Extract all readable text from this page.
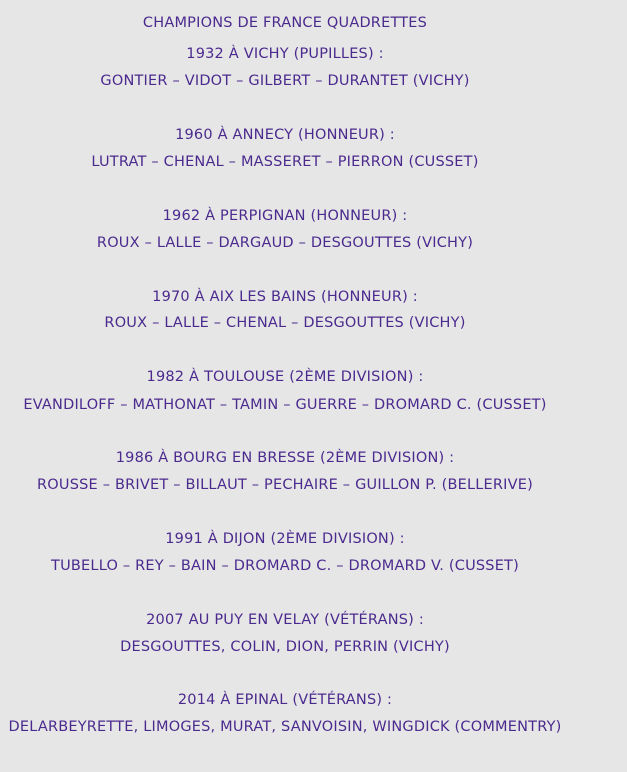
CHAMPIONS DE FRANCE QUADRETTES
1932 À VICHY (PUPILLES) :
GONTIER – VIDOT – GILBERT – DURANTET (VICHY)
1960 À ANNECY (HONNEUR) :
LUTRAT – CHENAL – MASSERET – PIERRON (CUSSET)
1962 À PERPIGNAN (HONNEUR) :
ROUX – LALLE – DARGAUD – DESGOUTTES (VICHY)
1970 À AIX LES BAINS (HONNEUR) :
ROUX – LALLE – CHENAL – DESGOUTTES (VICHY)
1982 À TOULOUSE (2ÈME DIVISION) :
EVANDILOFF – MATHONAT – TAMIN – GUERRE – DROMARD C. (CUSSET)
1986 À BOURG EN BRESSE (2ÈME DIVISION) :
ROUSSE – BRIVET – BILLAUT – PECHAIRE – GUILLON P. (BELLERIVE)
1991 À DIJON (2ÈME DIVISION) :
TUBELLO – REY – BAIN – DROMARD C. – DROMARD V. (CUSSET)
2007 AU PUY EN VELAY (VÉTÉRANS) :
DESGOUTTES, COLIN, DION, PERRIN (VICHY)
2014 À EPINAL (VÉTÉRANS) :
DELARBEYRETTE, LIMOGES, MURAT, SANVOISIN, WINGDICK (COMMENTRY)
